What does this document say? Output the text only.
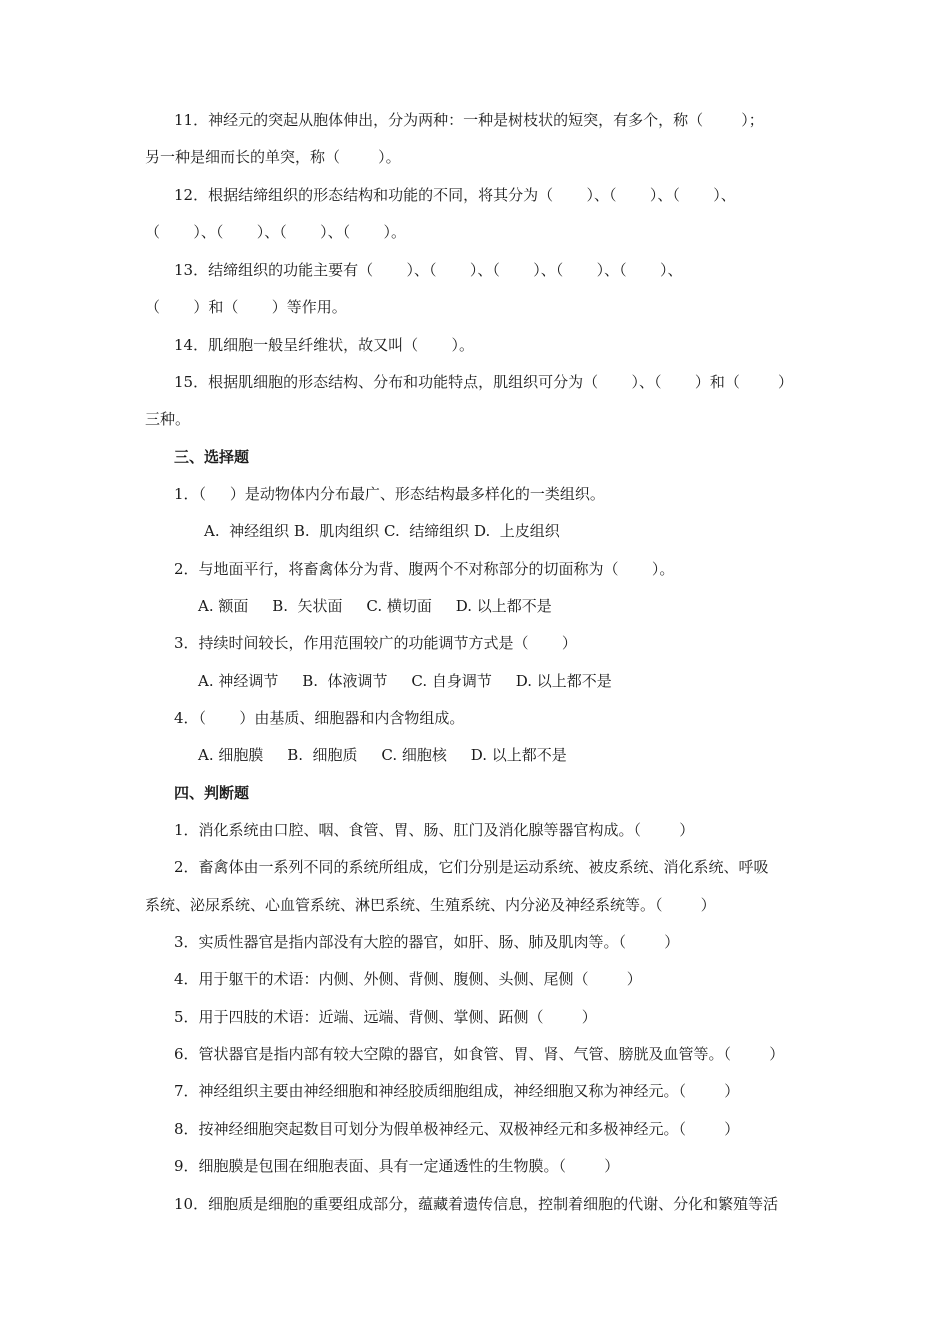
11．神经元的突起从胞体伸出，分为两种：一种是树枝状的短突，有多个，称（        ）；
另一种是细而长的单突，称（        ）。
12．根据结缔组织的形态结构和功能的不同，将其分为（       ）、（       ）、（       ）、
（       ）、（       ）、（       ）、（       ）。
13．结缔组织的功能主要有（       ）、（       ）、（       ）、（       ）、（       ）、
（       ）和（       ）等作用。
14．肌细胞一般呈纤维状，故又叫（       ）。
15．根据肌细胞的形态结构、分布和功能特点，肌组织可分为（       ）、（       ）和（        ）
三种。
三、选择题
1．（     ）是动物体内分布最广、形态结构最多样化的一类组织。
A.  神经组织 B.  肌肉组织 C.  结缔组织 D.  上皮组织
2．与地面平行，将畜禽体分为背、腹两个不对称部分的切面称为（       ）。
A. 额面     B.  矢状面     C. 横切面     D. 以上都不是
3．持续时间较长，作用范围较广的功能调节方式是（       ）
A. 神经调节     B.  体液调节     C. 自身调节     D. 以上都不是
4．（       ）由基质、细胞器和内含物组成。
A. 细胞膜     B.  细胞质     C. 细胞核     D. 以上都不是
四、判断题
1．消化系统由口腔、咽、食管、胃、肠、肛门及消化腺等器官构成。（        ）
2．畜禽体由一系列不同的系统所组成，它们分别是运动系统、被皮系统、消化系统、呼吸
系统、泌尿系统、心血管系统、淋巴系统、生殖系统、内分泌及神经系统等。（        ）
3．实质性器官是指内部没有大腔的器官，如肝、肠、肺及肌肉等。（        ）
4．用于躯干的术语：内侧、外侧、背侧、腹侧、头侧、尾侧（        ）
5．用于四肢的术语：近端、远端、背侧、掌侧、跖侧（        ）
6．管状器官是指内部有较大空隙的器官，如食管、胃、肾、气管、膀胱及血管等。（        ）
7．神经组织主要由神经细胞和神经胶质细胞组成，神经细胞又称为神经元。（        ）
8．按神经细胞突起数目可划分为假单极神经元、双极神经元和多极神经元。（        ）
9．细胞膜是包围在细胞表面、具有一定通透性的生物膜。（        ）
10．细胞质是细胞的重要组成部分，蕴藏着遗传信息，控制着细胞的代谢、分化和繁殖等活
